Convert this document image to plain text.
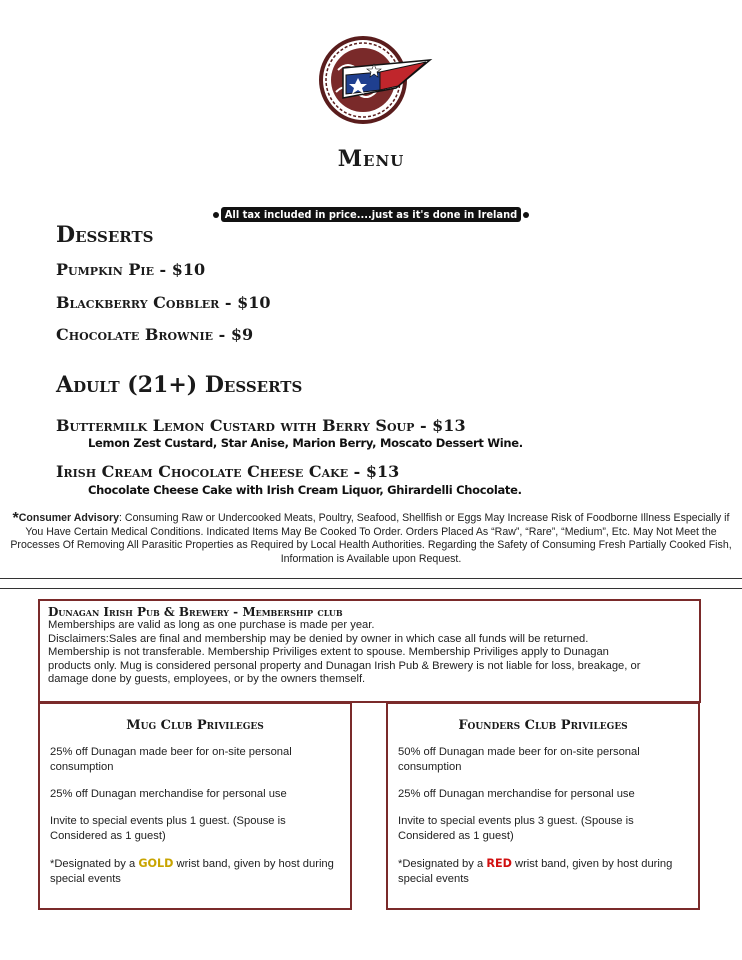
Menu
All tax included in price....just as it's done in Ireland
Desserts
Pumpkin Pie - $10
Blackberry Cobbler - $10
Chocolate Brownie - $9
Adult (21+) Desserts
Buttermilk Lemon Custard with Berry Soup - $13
Lemon Zest Custard, Star Anise, Marion Berry, Moscato Dessert Wine.
Irish Cream Chocolate Cheese Cake - $13
Chocolate Cheese Cake with Irish Cream Liquor, Ghirardelli Chocolate.
*Consumer Advisory: Consuming Raw or Undercooked Meats, Poultry, Seafood, Shellfish or Eggs May Increase Risk of Foodborne Illness Especially if You Have Certain Medical Conditions. Indicated Items May Be Cooked To Order. Orders Placed As “Raw”, “Rare”, “Medium”, Etc. May Not Meet the Processes Of Removing All Parasitic Properties as Required by Local Health Authorities. Regarding the Safety of Consuming Fresh Partially Cooked Fish, Information is Available upon Request.
Dunagan Irish Pub & Brewery - Membership club
Memberships are valid as long as one purchase is made per year.
Disclaimers:Sales are final and membership may be denied by owner in which case all funds will be returned.
Membership is not transferable. Membership Priviliges extent to spouse. Membership Priviliges apply to Dunagan
products only. Mug is considered personal property and Dunagan Irish Pub & Brewery is not liable for loss, breakage, or
damage done by guests, employees, or by the owners themself.
Mug Club Privileges

25% off Dunagan made beer for on-site personal consumption

25% off Dunagan merchandise for personal use

Invite to special events plus 1 guest. (Spouse is Considered as 1 guest)

*Designated by a GOLD wrist band, given by host during special events

Founders Club Privileges

50% off Dunagan made beer for on-site personal consumption

25% off Dunagan merchandise for personal use

Invite to special events plus 3 guest. (Spouse is Considered as 1 guest)

*Designated by a RED wrist band, given by host during special events
